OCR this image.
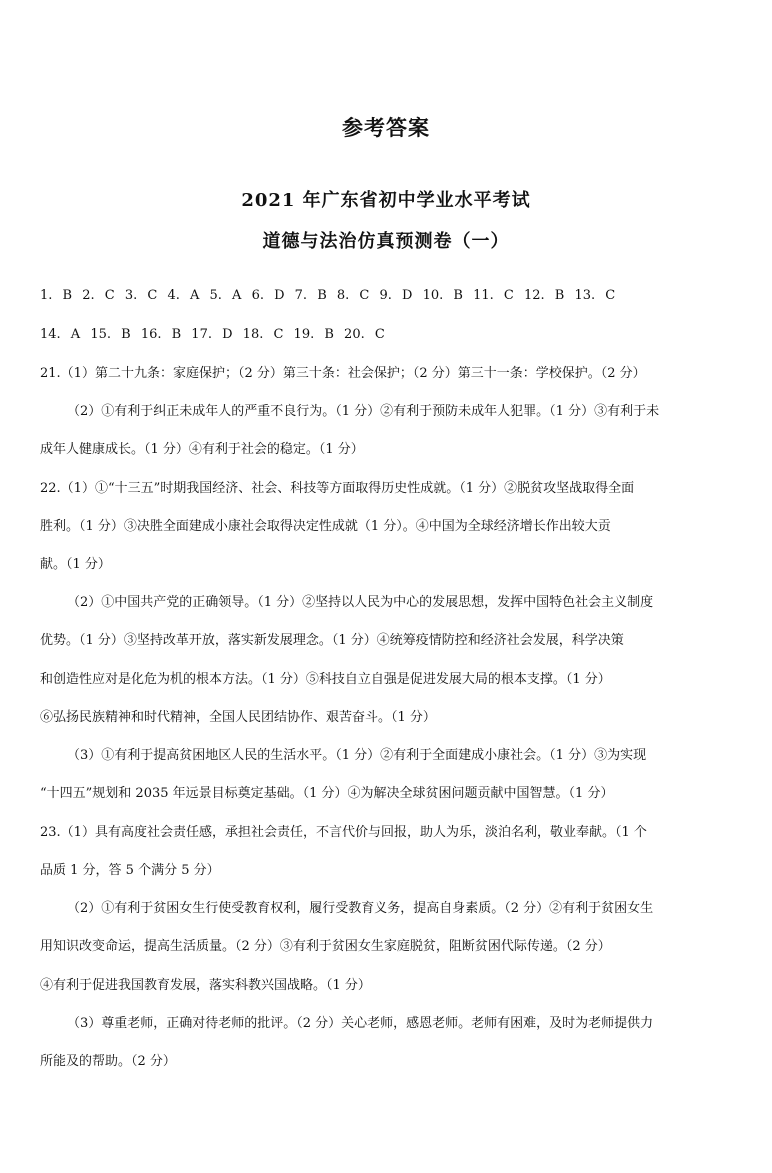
参考答案
2021 年广东省初中学业水平考试
道德与法治仿真预测卷（一）
1. B 2. C 3. C 4. A 5. A 6. D 7. B 8. C 9. D 10. B 11. C 12. B 13. C
14. A 15. B 16. B 17. D 18. C 19. B 20. C
21.（1）第二十九条：家庭保护；（2 分）第三十条：社会保护；（2 分）第三十一条：学校保护。（2 分）
（2）①有利于纠正未成年人的严重不良行为。（1 分）②有利于预防未成年人犯罪。（1 分）③有利于未
成年人健康成长。（1 分）④有利于社会的稳定。（1 分）
22.（1）①“十三五”时期我国经济、社会、科技等方面取得历史性成就。（1 分）②脱贫攻坚战取得全面
胜利。（1 分）③决胜全面建成小康社会取得决定性成就（1 分）。④中国为全球经济增长作出较大贡
献。（1 分）
（2）①中国共产党的正确领导。（1 分）②坚持以人民为中心的发展思想，发挥中国特色社会主义制度
优势。（1 分）③坚持改革开放，落实新发展理念。（1 分）④统筹疫情防控和经济社会发展，科学决策
和创造性应对是化危为机的根本方法。（1 分）⑤科技自立自强是促进发展大局的根本支撑。（1 分）
⑥弘扬民族精神和时代精神，全国人民团结协作、艰苦奋斗。（1 分）
（3）①有利于提高贫困地区人民的生活水平。（1 分）②有利于全面建成小康社会。（1 分）③为实现
“十四五”规划和 2035 年远景目标奠定基础。（1 分）④为解决全球贫困问题贡献中国智慧。（1 分）
23.（1）具有高度社会责任感，承担社会责任，不言代价与回报，助人为乐，淡泊名利，敬业奉献。（1 个
品质 1 分，答 5 个满分 5 分）
（2）①有利于贫困女生行使受教育权利，履行受教育义务，提高自身素质。（2 分）②有利于贫困女生
用知识改变命运，提高生活质量。（2 分）③有利于贫困女生家庭脱贫，阻断贫困代际传递。（2 分）
④有利于促进我国教育发展，落实科教兴国战略。（1 分）
（3）尊重老师，正确对待老师的批评。（2 分）关心老师，感恩老师。老师有困难，及时为老师提供力
所能及的帮助。（2 分）
